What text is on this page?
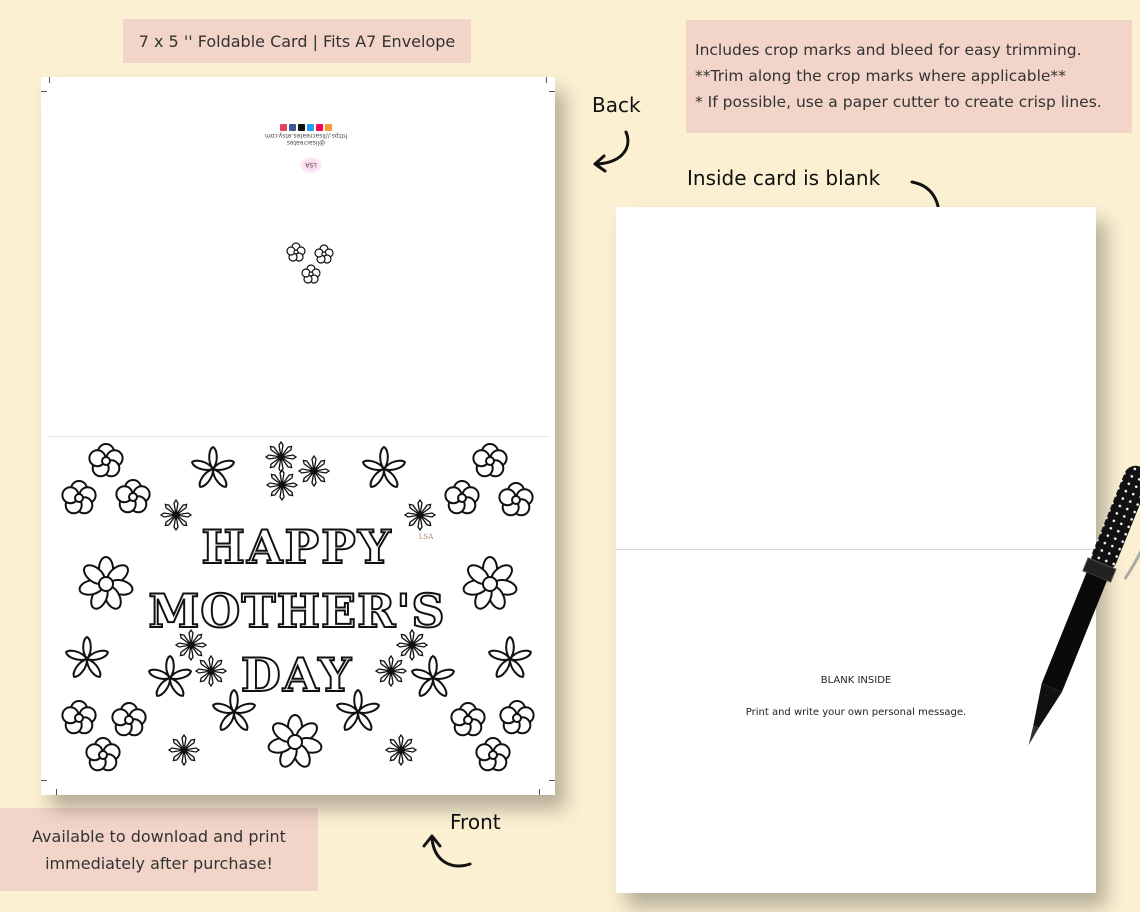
7 x 5 '' Foldable Card | Fits A7 Envelope	Includes crop marks and bleed for easy trimming.
**Trim along the crop marks where applicable**
* If possible, use a paper cutter to create crisp lines.
Back
Front
Inside card is blank
Available to download and print
immediately after purchase!
https://lisacreates.etsy.com
@lisacreates
LSA
HAPPY
MOTHER'S
DAY
LSA
BLANK INSIDE
Print and write your own personal message.
